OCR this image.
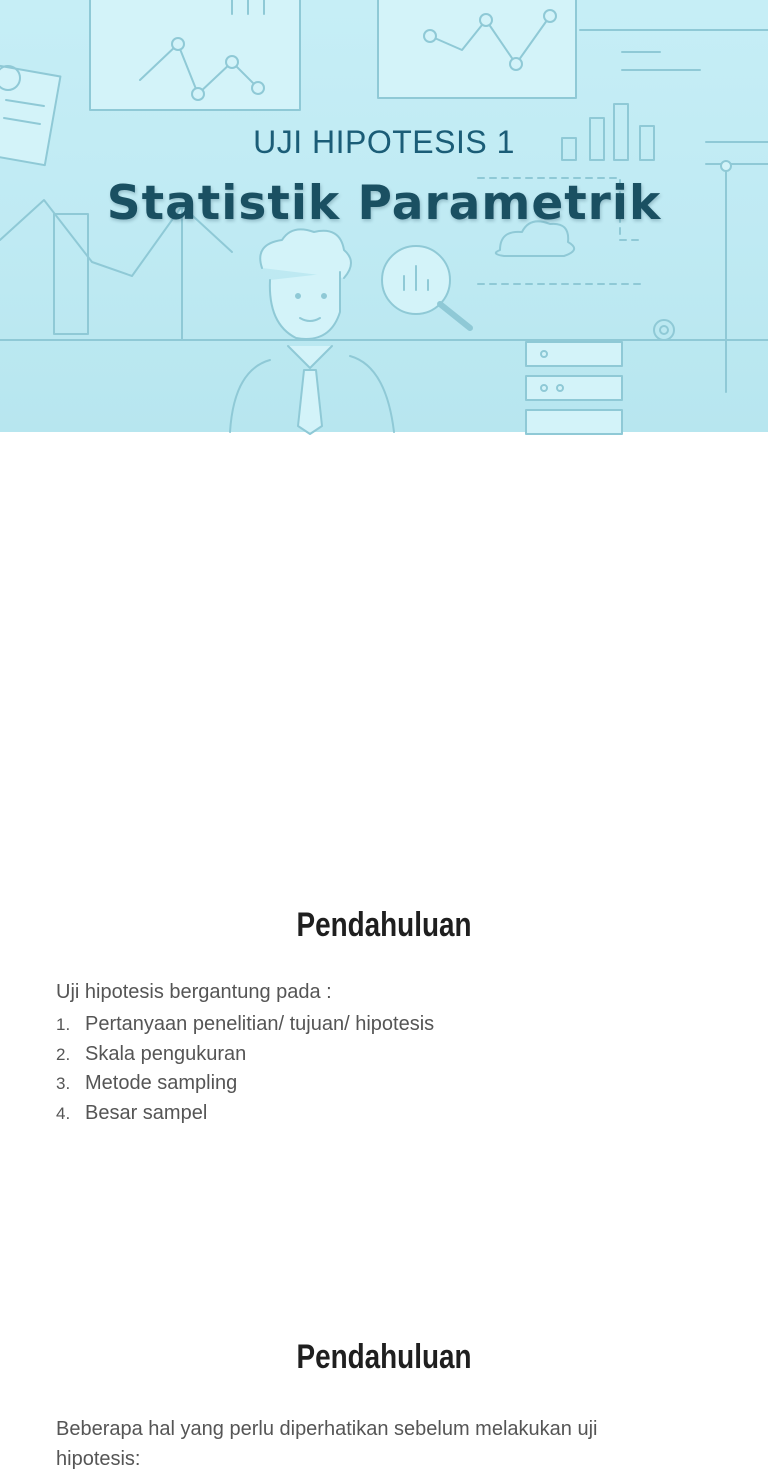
UJI HIPOTESIS 1
Statistik Parametrik
Pendahuluan
Uji hipotesis bergantung pada :
1. Pertanyaan penelitian/ tujuan/ hipotesis
2. Skala pengukuran
3. Metode sampling
4. Besar sampel
Pendahuluan
Beberapa hal yang perlu diperhatikan sebelum melakukan uji hipotesis:
